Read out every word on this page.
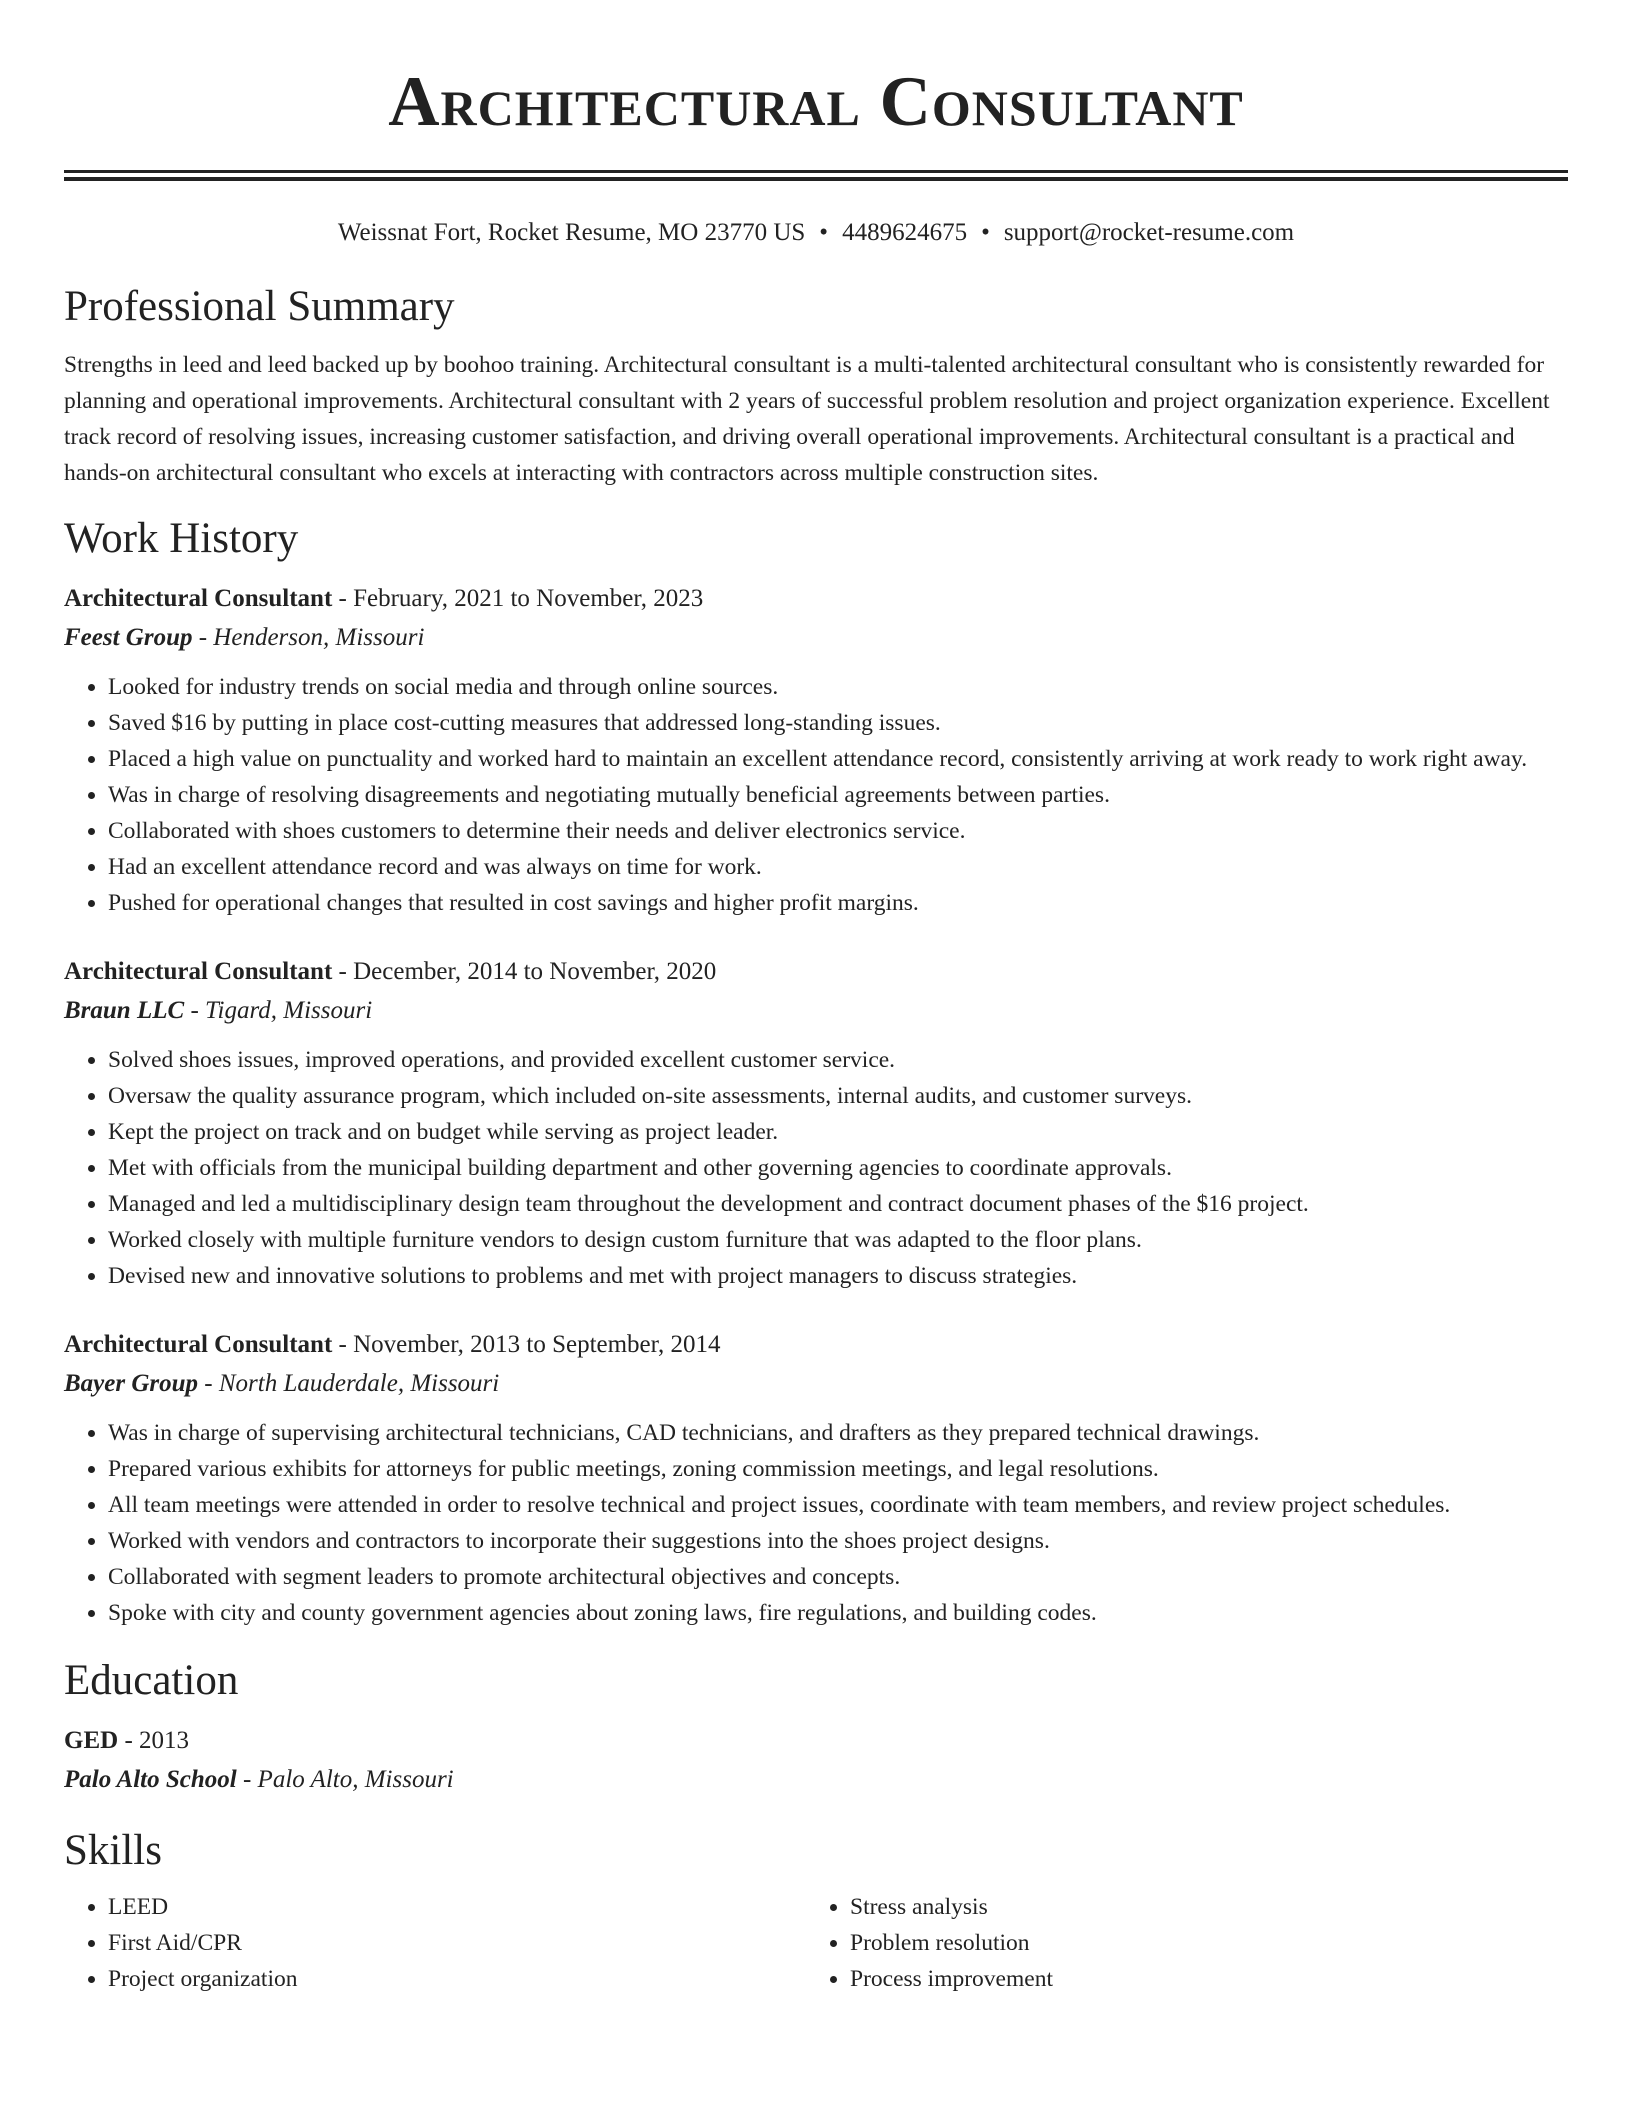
Architectural Consultant
Weissnat Fort, Rocket Resume, MO 23770 US • 4489624675 • support@rocket-resume.com
Professional Summary
Strengths in leed and leed backed up by boohoo training. Architectural consultant is a multi-talented architectural consultant who is consistently rewarded for planning and operational improvements. Architectural consultant with 2 years of successful problem resolution and project organization experience. Excellent track record of resolving issues, increasing customer satisfaction, and driving overall operational improvements. Architectural consultant is a practical and hands-on architectural consultant who excels at interacting with contractors across multiple construction sites.
Work History
Architectural Consultant - February, 2021 to November, 2023
Feest Group - Henderson, Missouri
• Looked for industry trends on social media and through online sources.
• Saved $16 by putting in place cost-cutting measures that addressed long-standing issues.
• Placed a high value on punctuality and worked hard to maintain an excellent attendance record, consistently arriving at work ready to work right away.
• Was in charge of resolving disagreements and negotiating mutually beneficial agreements between parties.
• Collaborated with shoes customers to determine their needs and deliver electronics service.
• Had an excellent attendance record and was always on time for work.
• Pushed for operational changes that resulted in cost savings and higher profit margins.
Architectural Consultant - December, 2014 to November, 2020
Braun LLC - Tigard, Missouri
• Solved shoes issues, improved operations, and provided excellent customer service.
• Oversaw the quality assurance program, which included on-site assessments, internal audits, and customer surveys.
• Kept the project on track and on budget while serving as project leader.
• Met with officials from the municipal building department and other governing agencies to coordinate approvals.
• Managed and led a multidisciplinary design team throughout the development and contract document phases of the $16 project.
• Worked closely with multiple furniture vendors to design custom furniture that was adapted to the floor plans.
• Devised new and innovative solutions to problems and met with project managers to discuss strategies.
Architectural Consultant - November, 2013 to September, 2014
Bayer Group - North Lauderdale, Missouri
• Was in charge of supervising architectural technicians, CAD technicians, and drafters as they prepared technical drawings.
• Prepared various exhibits for attorneys for public meetings, zoning commission meetings, and legal resolutions.
• All team meetings were attended in order to resolve technical and project issues, coordinate with team members, and review project schedules.
• Worked with vendors and contractors to incorporate their suggestions into the shoes project designs.
• Collaborated with segment leaders to promote architectural objectives and concepts.
• Spoke with city and county government agencies about zoning laws, fire regulations, and building codes.
Education
GED - 2013
Palo Alto School - Palo Alto, Missouri
Skills
• LEED
• First Aid/CPR
• Project organization
• Stress analysis
• Problem resolution
• Process improvement
